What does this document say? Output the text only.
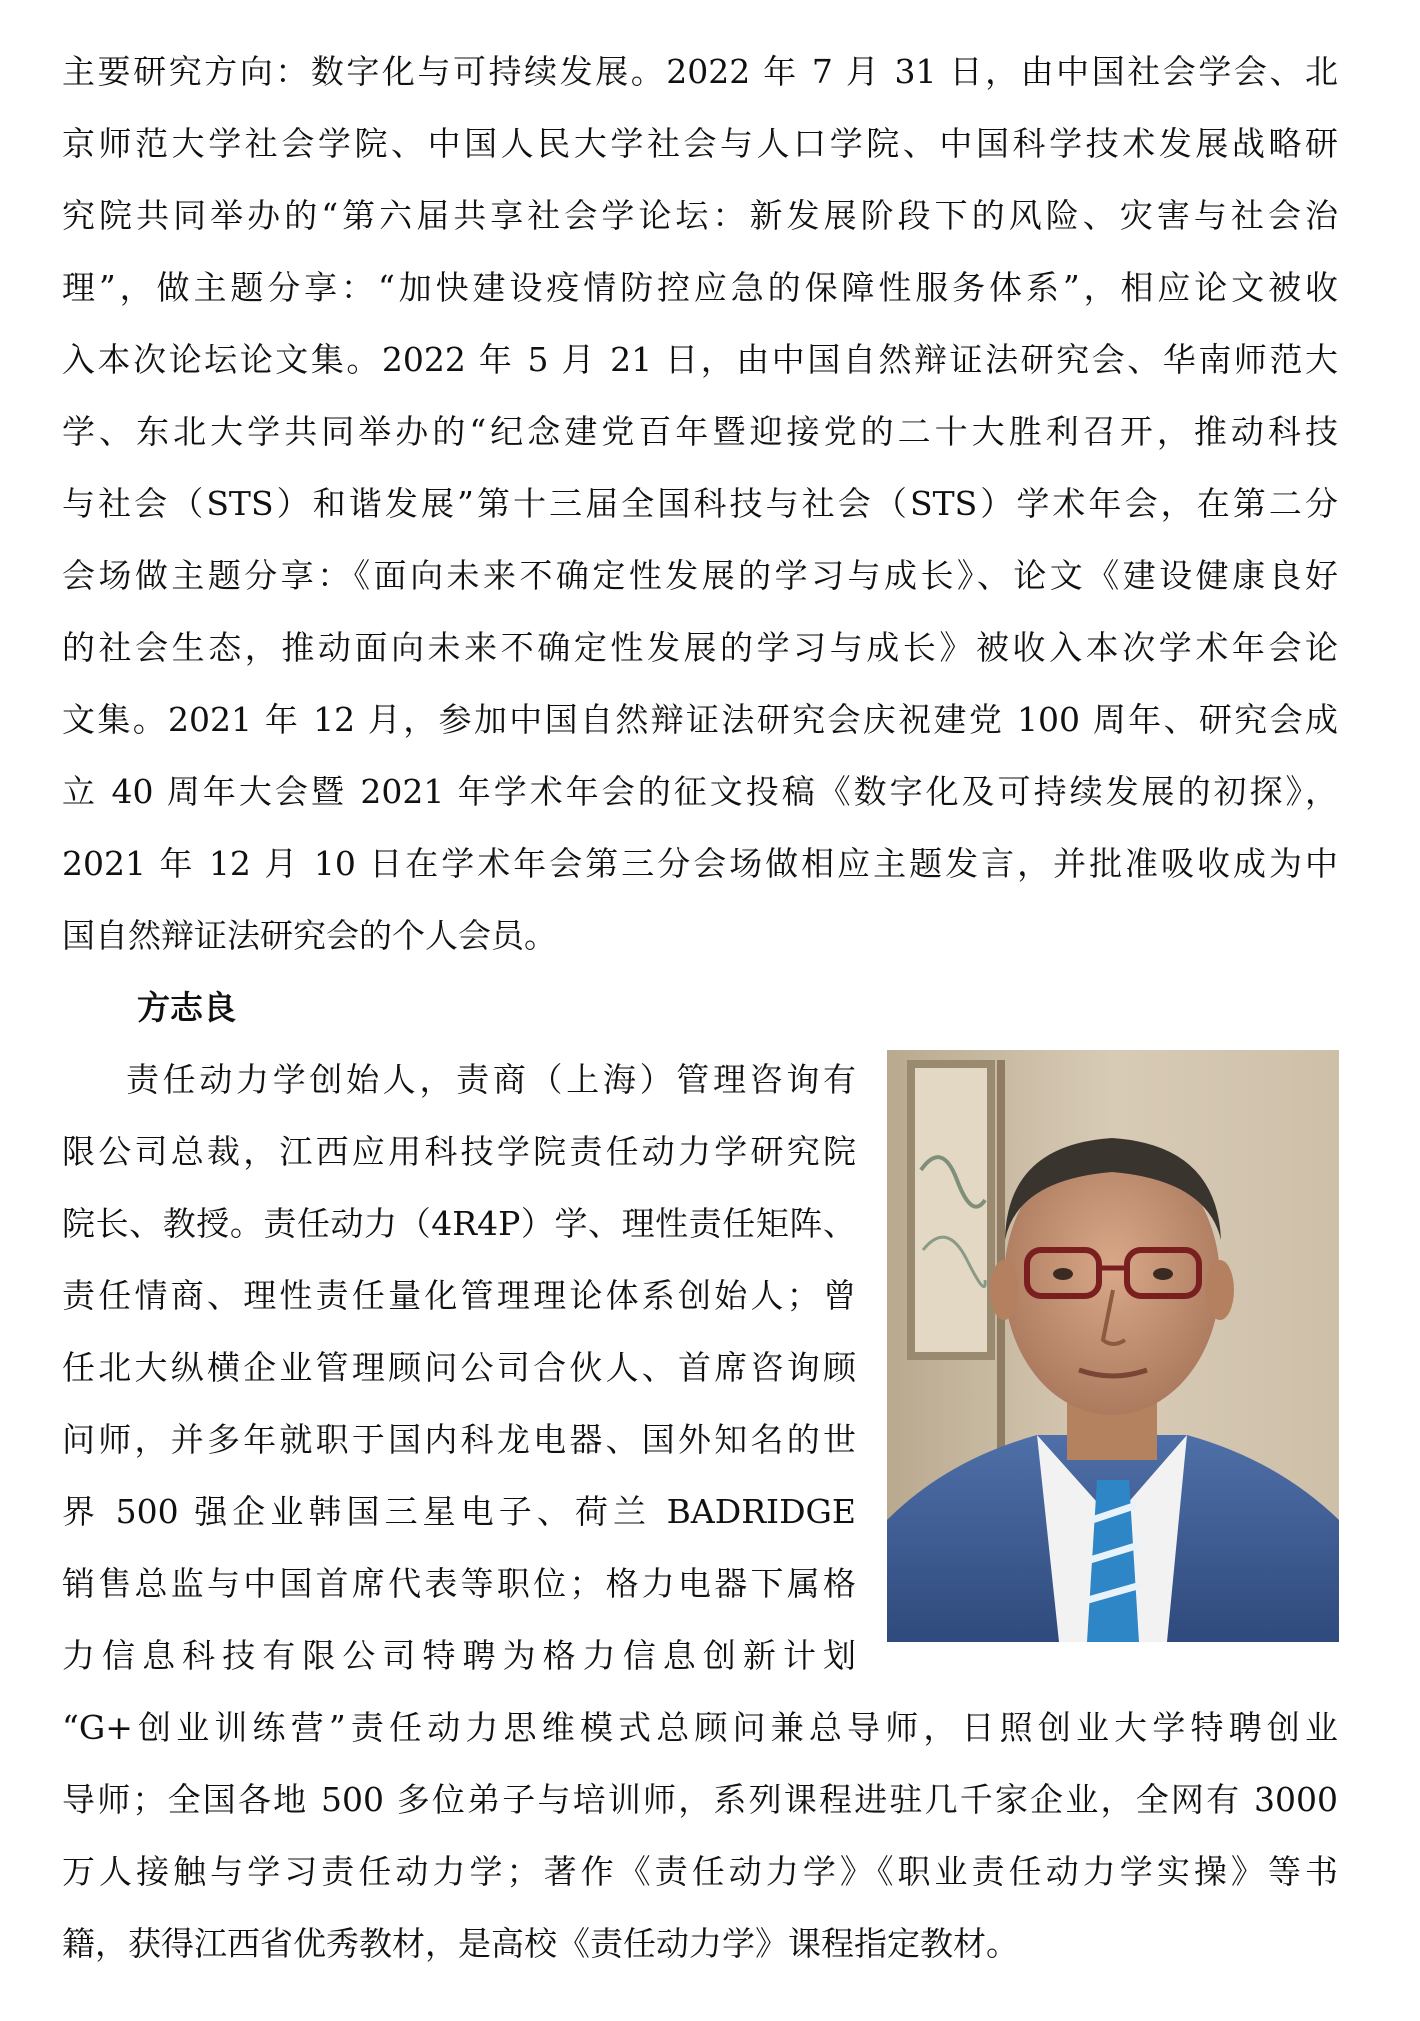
主要研究方向：数字化与可持续发展。2022 年 7 月 31 日，由中国社会学会、北
京师范大学社会学院、中国人民大学社会与人口学院、中国科学技术发展战略研
究院共同举办的“第六届共享社会学论坛：新发展阶段下的风险、灾害与社会治
理”，做主题分享：“加快建设疫情防控应急的保障性服务体系”，相应论文被收
入本次论坛论文集。2022 年 5 月 21 日，由中国自然辩证法研究会、华南师范大
学、东北大学共同举办的“纪念建党百年暨迎接党的二十大胜利召开，推动科技
与社会（STS）和谐发展”第十三届全国科技与社会（STS）学术年会，在第二分
会场做主题分享：《面向未来不确定性发展的学习与成长》、论文《建设健康良好
的社会生态，推动面向未来不确定性发展的学习与成长》被收入本次学术年会论
文集。2021 年 12 月，参加中国自然辩证法研究会庆祝建党 100 周年、研究会成
立 40 周年大会暨 2021 年学术年会的征文投稿《数字化及可持续发展的初探》，
2021 年 12 月 10 日在学术年会第三分会场做相应主题发言，并批准吸收成为中
国自然辩证法研究会的个人会员。
方志良
责任动力学创始人，责商（上海）管理咨询有
限公司总裁，江西应用科技学院责任动力学研究院
院长、教授。责任动力（4R4P）学、理性责任矩阵、
责任情商、理性责任量化管理理论体系创始人；曾
任北大纵横企业管理顾问公司合伙人、首席咨询顾
问师，并多年就职于国内科龙电器、国外知名的世
界 500 强企业韩国三星电子、荷兰 BADRIDGE
销售总监与中国首席代表等职位；格力电器下属格
力信息科技有限公司特聘为格力信息创新计划
“G+创业训练营”责任动力思维模式总顾问兼总导师，日照创业大学特聘创业
导师；全国各地 500 多位弟子与培训师，系列课程进驻几千家企业，全网有 3000
万人接触与学习责任动力学；著作《责任动力学》《职业责任动力学实操》等书
籍，获得江西省优秀教材，是高校《责任动力学》课程指定教材。
